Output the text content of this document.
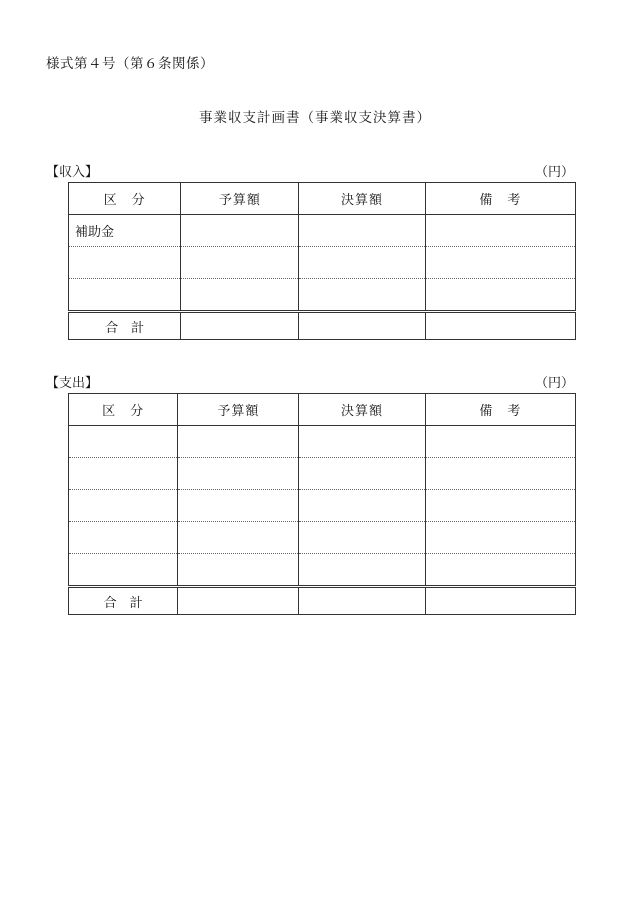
様式第４号（第６条関係）
事業収支計画書（事業収支決算書）
【収入】	（円）
区　分	予算額	決算額	備　考
補助金			

合　計			
【支出】	（円）
区　分	予算額	決算額	備　考

合　計			
